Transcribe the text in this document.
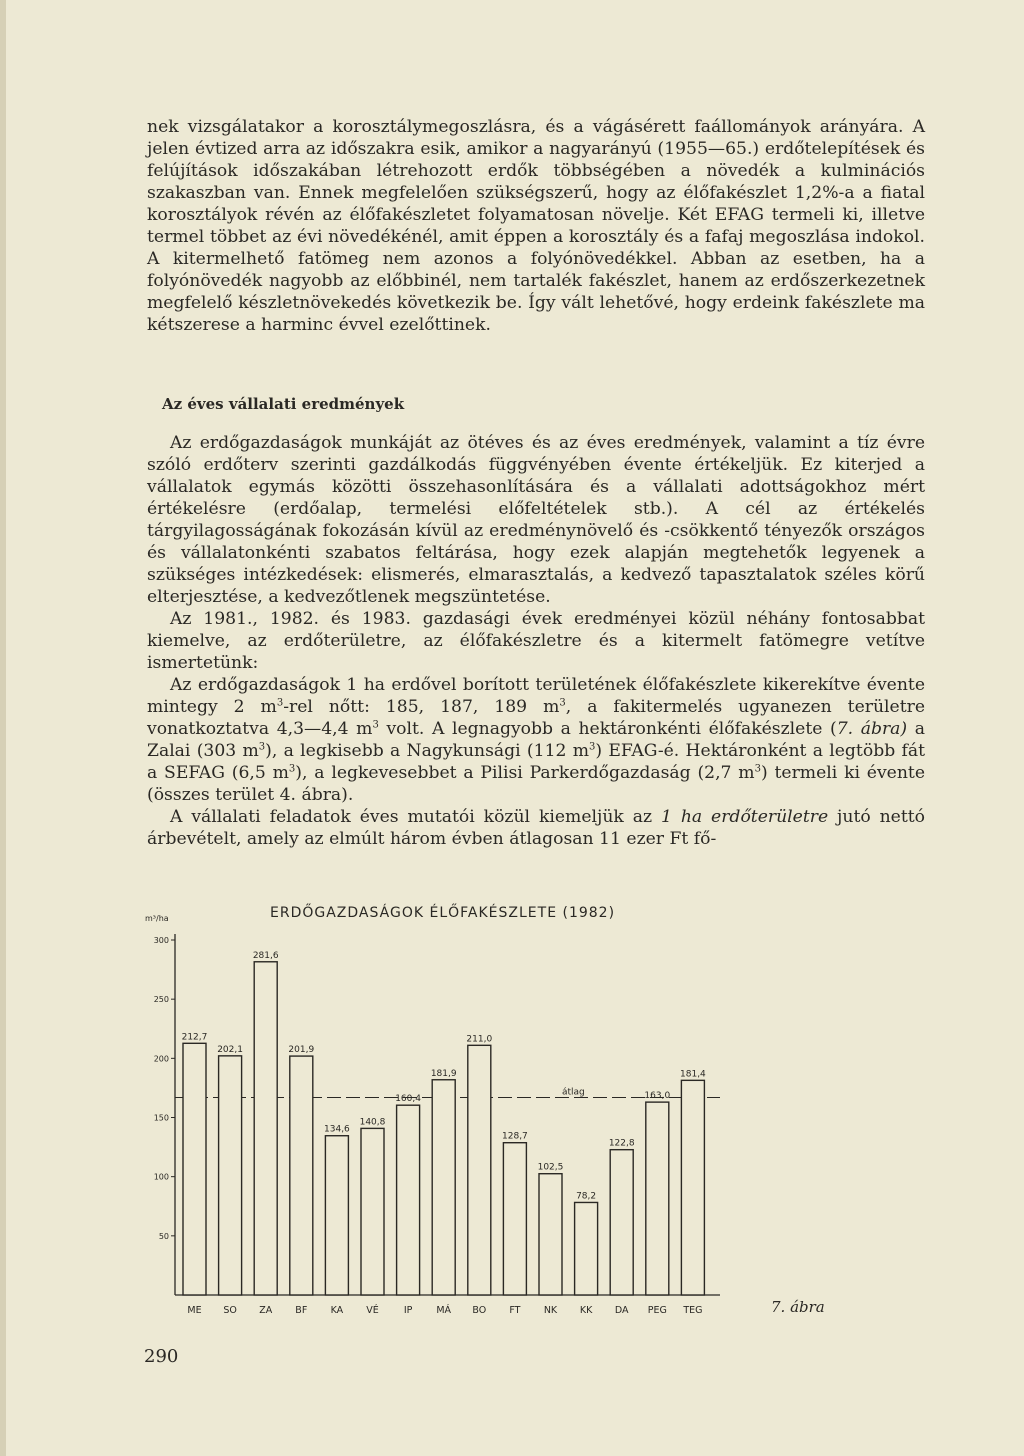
nek vizsgálatakor a korosztálymegoszlásra, és a vágásérett faállományok arányára. A jelen évtized arra az időszakra esik, amikor a nagyarányú (1955—65.) erdőtelepítések és felújítások időszakában létrehozott erdők többségében a növedék a kulminációs szakaszban van. Ennek megfelelően szükségszerű, hogy az élőfakészlet 1,2%-a a fiatal korosztályok révén az élőfakészletet folyamatosan növelje. Két EFAG termeli ki, illetve termel többet az évi növedékénél, amit éppen a korosztály és a fafaj megoszlása indokol. A kitermelhető fatömeg nem azonos a folyónövedékkel. Abban az esetben, ha a folyónövedék nagyobb az előbbinél, nem tartalék fakészlet, hanem az erdőszerkezetnek megfelelő készletnövekedés következik be. Így vált lehetővé, hogy erdeink fakészlete ma kétszerese a harminc évvel ezelőttinek.

Az éves vállalati eredmények

Az erdőgazdaságok munkáját az ötéves és az éves eredmények, valamint a tíz évre szóló erdőterv szerinti gazdálkodás függvényében évente értékeljük. Ez kiterjed a vállalatok egymás közötti összehasonlítására és a vállalati adottságokhoz mért értékelésre (erdőalap, termelési előfeltételek stb.). A cél az értékelés tárgyilagosságának fokozásán kívül az eredménynövelő és -csökkentő tényezők országos és vállalatonkénti szabatos feltárása, hogy ezek alapján megtehetők legyenek a szükséges intézkedések: elismerés, elmarasztalás, a kedvező tapasztalatok széles körű elterjesztése, a kedvezőtlenek megszüntetése.

Az 1981., 1982. és 1983. gazdasági évek eredményei közül néhány fontosabbat kiemelve, az erdőterületre, az élőfakészletre és a kitermelt fatömegre vetítve ismertetünk:

Az erdőgazdaságok 1 ha erdővel borított területének élőfakészlete kikerekítve évente mintegy 2 $m^3$-rel nőtt: 185, 187, 189 $m^3$, a fakitermelés ugyanezen területre vonatkoztatva 4,3—4,4 $m^3$ volt. A legnagyobb a hektáronkénti élőfakészlete (7. ábra) a Zalai (303 $m^3$), a legkisebb a Nagykunsági (112 $m^3$) EFAG-é. Hektáronként a legtöbb fát a SEFAG (6,5 $m^3$), a legkevesebbet a Pilisi Parkerdőgazdaság (2,7 $m^3$) termeli ki évente (összes terület 4. ábra).

A vállalati feladatok éves mutatói közül kiemeljük az 1 ha erdőterületre jutó nettó árbevételt, amely az elmúlt három évben átlagosan 11 ezer Ft fő-

ERDŐGAZDASÁGOK ÉLŐFAKÉSZLETE (1982)
m³/ha
50
100
150
200
250
300
átlag
212,7
ME
202,1
SO
281,6
ZA
201,9
BF
134,6
KA
140,8
VÉ
160,4
IP
181,9
MÁ
211,0
BO
128,7
FT
102,5
NK
78,2
KK
122,8
DA
163,0
PEG
181,4
TEG	7. ábra
290
